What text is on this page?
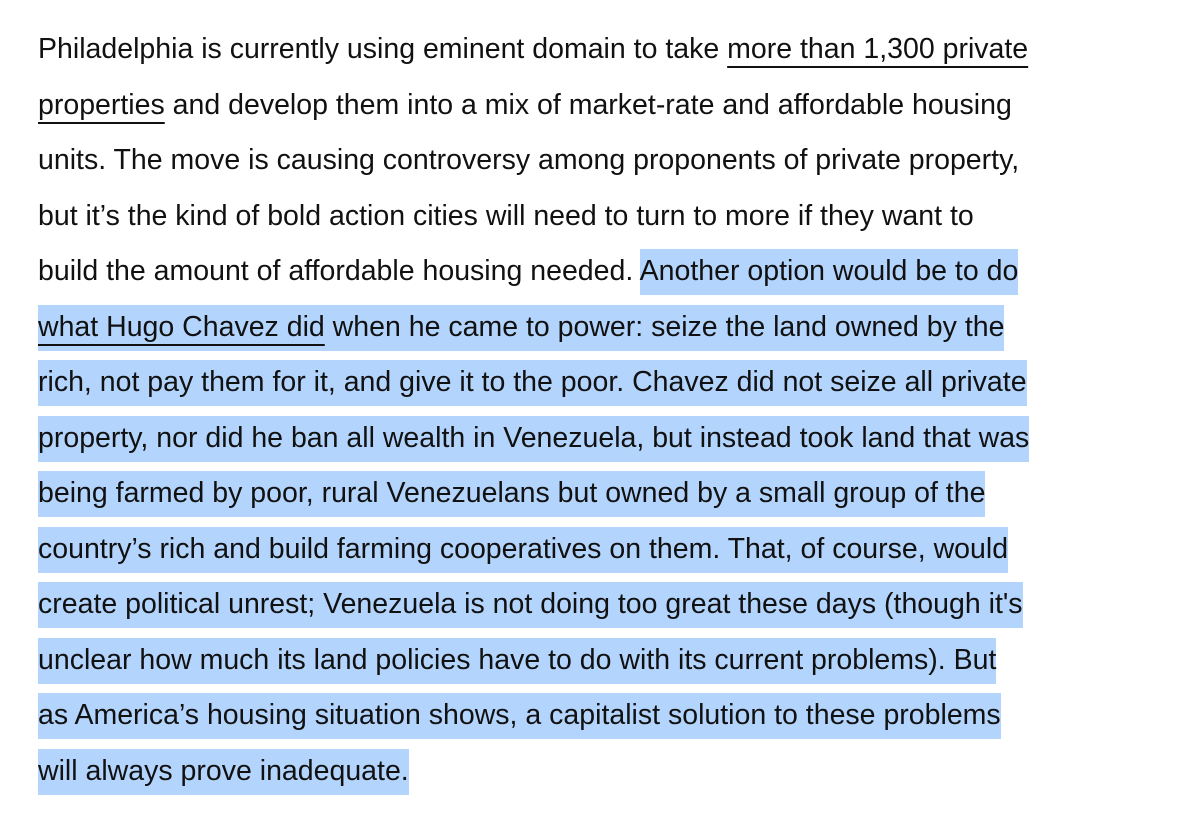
Philadelphia is currently using eminent domain to take more than 1,300 private
properties and develop them into a mix of market-rate and affordable housing
units. The move is causing controversy among proponents of private property,
but it’s the kind of bold action cities will need to turn to more if they want to
build the amount of affordable housing needed. Another option would be to do
what Hugo Chavez did when he came to power: seize the land owned by the
rich, not pay them for it, and give it to the poor. Chavez did not seize all private
property, nor did he ban all wealth in Venezuela, but instead took land that was
being farmed by poor, rural Venezuelans but owned by a small group of the
country’s rich and build farming cooperatives on them. That, of course, would
create political unrest; Venezuela is not doing too great these days (though it's
unclear how much its land policies have to do with its current problems). But
as America’s housing situation shows, a capitalist solution to these problems
will always prove inadequate.
